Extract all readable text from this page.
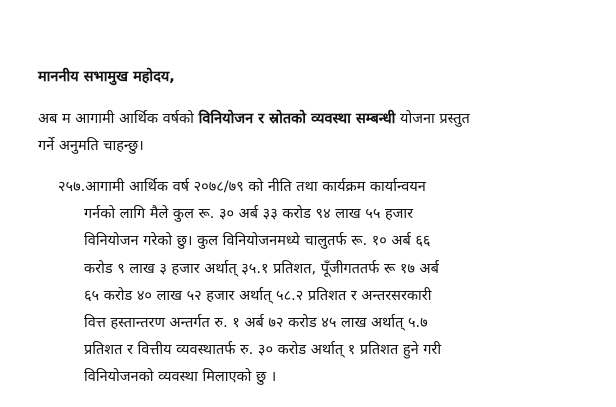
माननीय सभामुख महोदय,
अब म आगामी आर्थिक वर्षको विनियोजन र स्रोतको व्यवस्था सम्बन्धी योजना प्रस्तुत
गर्ने अनुमति चाहन्छु।
२५७.आगामी आर्थिक वर्ष २०७८/७९ को नीति तथा कार्यक्रम कार्यान्वयन
गर्नको लागि मैले कुल रू. ३० अर्ब ३३ करोड ९४ लाख ५५ हजार
विनियोजन गरेको छु। कुल विनियोजनमध्ये चालुतर्फ रू. १० अर्ब ६६
करोड ९ लाख ३ हजार अर्थात् ३५.१ प्रतिशत, पूँजीगततर्फ रू १७ अर्ब
६५ करोड ४० लाख ५२ हजार अर्थात् ५८.२ प्रतिशत र अन्तरसरकारी
वित्त हस्तान्तरण अन्तर्गत रु. १ अर्ब ७२ करोड ४५ लाख अर्थात् ५.७
प्रतिशत र वित्तीय व्यवस्थातर्फ रु. ३० करोड अर्थात् १ प्रतिशत हुने गरी
विनियोजनको व्यवस्था मिलाएको छु ।
